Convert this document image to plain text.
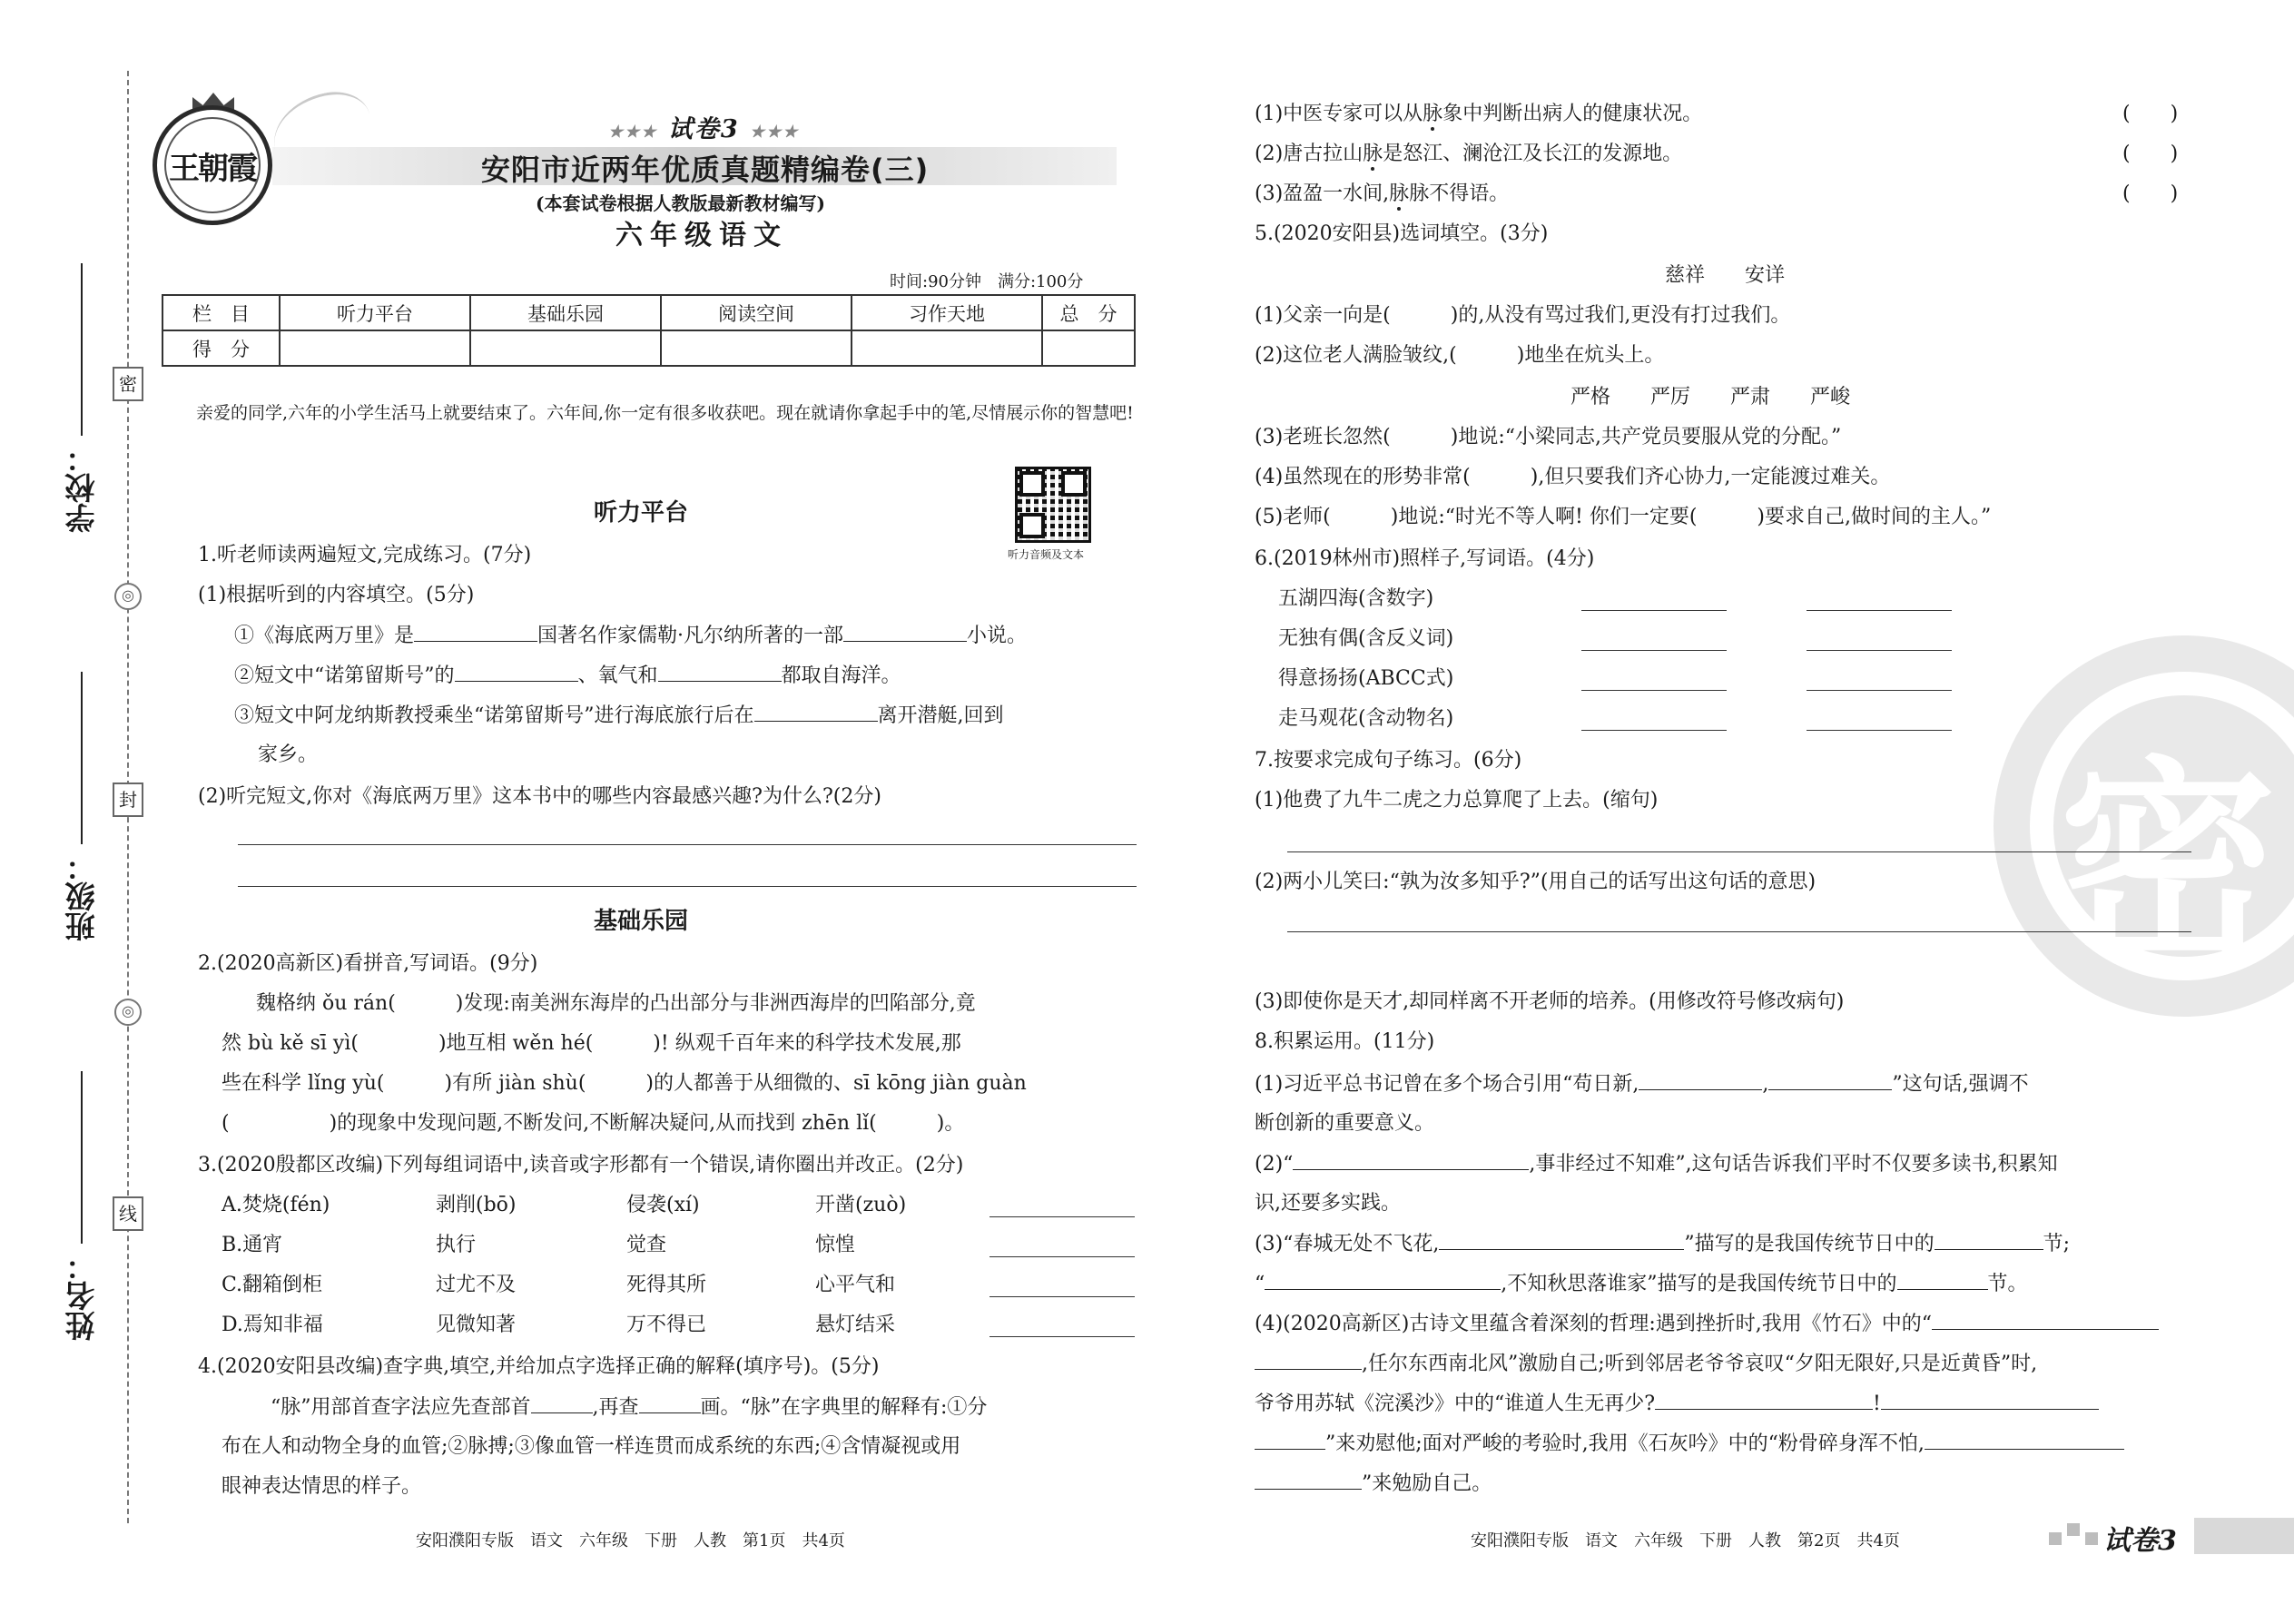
密
封
线
◎
◎
学校：
班级：
姓名：
王朝霞
★★★ 试卷3 ★★★
安阳市近两年优质真题精编卷(三)
(本套试卷根据人教版最新教材编写)
六年级语文
时间:90分钟　满分:100分
栏　目	听力平台	基础乐园	阅读空间	习作天地	总　分
得　分					
亲爱的同学,六年的小学生活马上就要结束了。六年间,你一定有很多收获吧。现在就请你拿起手中的笔,尽情展示你的智慧吧!
听力平台
听力音频及文本
1.听老师读两遍短文,完成练习。(7分)
(1)根据听到的内容填空。(5分)
①《海底两万里》是	国著名作家儒勒·凡尔纳所著的一部	小说。
②短文中“诺第留斯号”的	、氧气和	都取自海洋。
③短文中阿龙纳斯教授乘坐“诺第留斯号”进行海底旅行后在	离开潜艇,回到
家乡。
(2)听完短文,你对《海底两万里》这本书中的哪些内容最感兴趣?为什么?(2分)
基础乐园
2.(2020高新区)看拼音,写词语。(9分)
魏格纳 ǒu rán(　　　)发现:南美洲东海岸的凸出部分与非洲西海岸的凹陷部分,竟
然 bù kě sī yì(　　　　)地互相 wěn hé(　　　)! 纵观千百年来的科学技术发展,那
些在科学 lǐng yù(　　　)有所 jiàn shù(　　　)的人都善于从细微的、sī kōng jiàn guàn
(　　　　　)的现象中发现问题,不断发问,不断解决疑问,从而找到 zhēn lǐ(　　　)。
3.(2020殷都区改编)下列每组词语中,读音或字形都有一个错误,请你圈出并改正。(2分)
A.焚烧(fén)	剥削(bō)	侵袭(xí)	开凿(zuò)
B.通宵	执行	觉查	惊惶
C.翻箱倒柜	过尤不及	死得其所	心平气和
D.焉知非福	见微知著	万不得已	悬灯结采
4.(2020安阳县改编)查字典,填空,并给加点字选择正确的解释(填序号)。(5分)
“脉”用部首查字法应先查部首	,再查	画。“脉”在字典里的解释有:①分
布在人和动物全身的血管;②脉搏;③像血管一样连贯而成系统的东西;④含情凝视或用
眼神表达情思的样子。
安阳濮阳专版　语文　六年级　下册　人教　第1页　共4页
密
(1)中医专家可以从脉象中判断出病人的健康状况。	(　　)
(2)唐古拉山脉是怒江、澜沧江及长江的发源地。	(　　)
(3)盈盈一水间,脉脉不得语。	(　　)
5.(2020安阳县)选词填空。(3分)
慈祥　　安详
(1)父亲一向是(　　　)的,从没有骂过我们,更没有打过我们。
(2)这位老人满脸皱纹,(　　　)地坐在炕头上。
严格　　严厉　　严肃　　严峻
(3)老班长忽然(　　　)地说:“小梁同志,共产党员要服从党的分配。”
(4)虽然现在的形势非常(　　　),但只要我们齐心协力,一定能渡过难关。
(5)老师(　　　)地说:“时光不等人啊! 你们一定要(　　　)要求自己,做时间的主人。”
6.(2019林州市)照样子,写词语。(4分)
五湖四海(含数字)
无独有偶(含反义词)
得意扬扬(ABCC式)
走马观花(含动物名)
7.按要求完成句子练习。(6分)
(1)他费了九牛二虎之力总算爬了上去。(缩句)
(2)两小儿笑曰:“孰为汝多知乎?”(用自己的话写出这句话的意思)
(3)即使你是天才,却同样离不开老师的培养。(用修改符号修改病句)
8.积累运用。(11分)
(1)习近平总书记曾在多个场合引用“苟日新,	,	”这句话,强调不
断创新的重要意义。
(2)“	,事非经过不知难”,这句话告诉我们平时不仅要多读书,积累知
识,还要多实践。
(3)“春城无处不飞花,	”描写的是我国传统节日中的	节;
“	,不知秋思落谁家”描写的是我国传统节日中的	节。
(4)(2020高新区)古诗文里蕴含着深刻的哲理:遇到挫折时,我用《竹石》中的“
,任尔东西南北风”激励自己;听到邻居老爷爷哀叹“夕阳无限好,只是近黄昏”时,
爷爷用苏轼《浣溪沙》中的“谁道人生无再少?	!
”来劝慰他;面对严峻的考验时,我用《石灰吟》中的“粉骨碎身浑不怕,
”来勉励自己。
安阳濮阳专版　语文　六年级　下册　人教　第2页　共4页	试卷3
